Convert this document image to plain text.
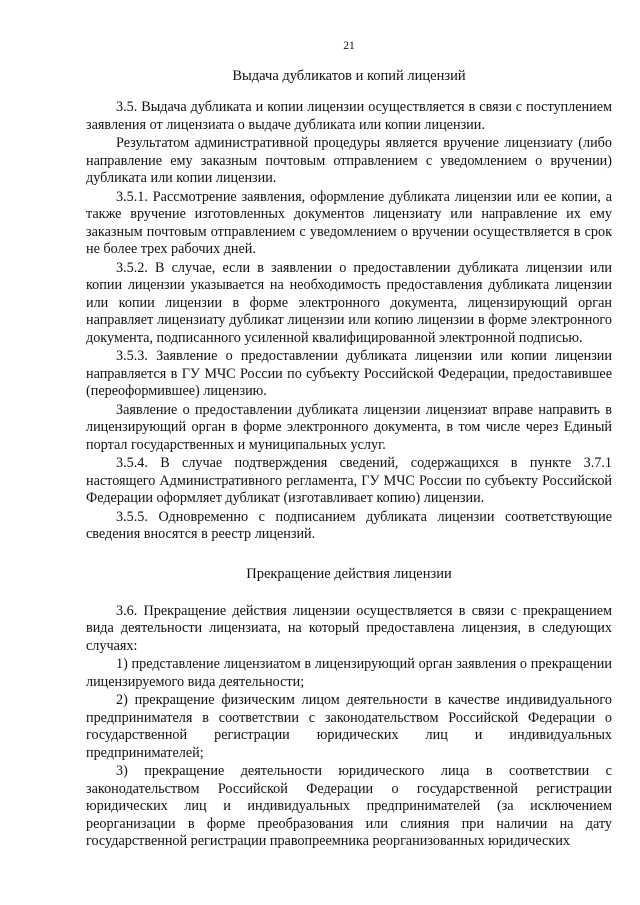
21
Выдача дубликатов и копий лицензий

3.5. Выдача дубликата и копии лицензии осуществляется в связи с поступлением заявления от лицензиата о выдаче дубликата или копии лицензии.

Результатом административной процедуры является вручение лицензиату (либо направление ему заказным почтовым отправлением с уведомлением о вручении) дубликата или копии лицензии.

3.5.1. Рассмотрение заявления, оформление дубликата лицензии или ее копии, а также вручение изготовленных документов лицензиату или направление их ему заказным почтовым отправлением с уведомлением о вручении осуществляется в срок не более трех рабочих дней.

3.5.2. В случае, если в заявлении о предоставлении дубликата лицензии или копии лицензии указывается на необходимость предоставления дубликата лицензии или копии лицензии в форме электронного документа, лицензирующий орган направляет лицензиату дубликат лицензии или копию лицензии в форме электронного документа, подписанного усиленной квалифицированной электронной подписью.

3.5.3. Заявление о предоставлении дубликата лицензии или копии лицензии направляется в ГУ МЧС России по субъекту Российской Федерации, предоставившее (переоформившее) лицензию.

Заявление о предоставлении дубликата лицензии лицензиат вправе направить в лицензирующий орган в форме электронного документа, в том числе через Единый портал государственных и муниципальных услуг.

3.5.4. В случае подтверждения сведений, содержащихся в пункте 3.7.1 настоящего Административного регламента, ГУ МЧС России по субъекту Российской Федерации оформляет дубликат (изготавливает копию) лицензии.

3.5.5. Одновременно с подписанием дубликата лицензии соответствующие сведения вносятся в реестр лицензий.

Прекращение действия лицензии

3.6. Прекращение действия лицензии осуществляется в связи с прекращением вида деятельности лицензиата, на который предоставлена лицензия, в следующих случаях:

1) представление лицензиатом в лицензирующий орган заявления о прекращении лицензируемого вида деятельности;

2) прекращение физическим лицом деятельности в качестве индивидуального предпринимателя в соответствии с законодательством Российской Федерации о государственной регистрации юридических лиц и индивидуальных предпринимателей;

3) прекращение деятельности юридического лица в соответствии с законодательством Российской Федерации о государственной регистрации юридических лиц и индивидуальных предпринимателей (за исключением реорганизации в форме преобразования или слияния при наличии на дату государственной регистрации правопреемника реорганизованных юридических
